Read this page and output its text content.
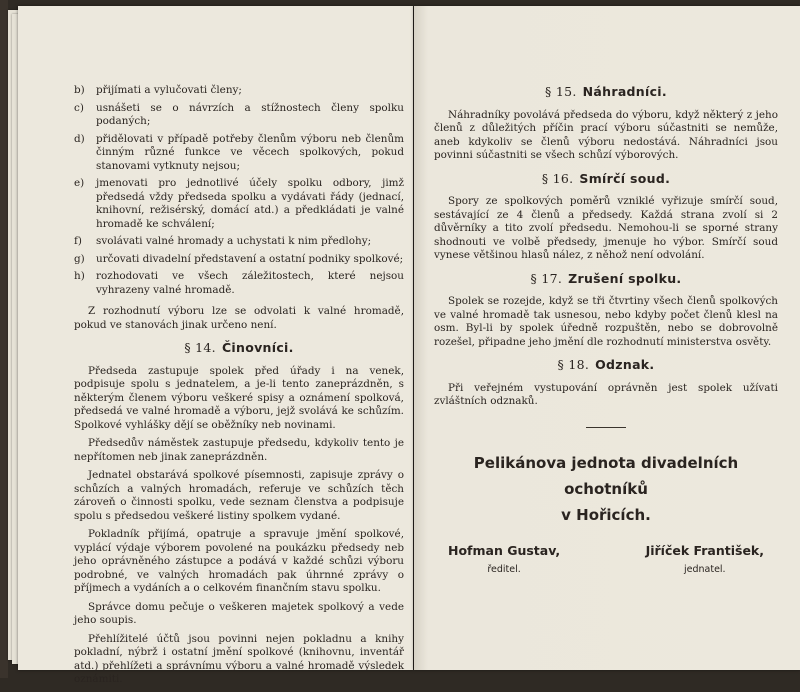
b)	přijímati a vylučovati členy;
c)	usnášeti se o návrzích a stížnostech členy spolku podaných;
d)	přidělovati v případě potřeby členům výboru neb členům činným různé funkce ve věcech spolkových, pokud stanovami vytknuty nejsou;
e)	jmenovati pro jednotlivé účely spolku odbory, jimž předsedá vždy předseda spolku a vydávati řády (jednací, knihovní, režisérský, domácí atd.) a předkládati je valné hromadě ke schválení;
f)	svolávati valné hromady a uchystati k nim předlohy;
g)	určovati divadelní představení a ostatní podniky spolkové;
h)	rozhodovati ve všech záležitostech, které nejsou vyhrazeny valné hromadě.

Z rozhodnutí výboru lze se odvolati k valné hromadě, pokud ve stanovách jinak určeno není.

§ 14. Činovníci.

Předseda zastupuje spolek před úřady i na venek, podpisuje spolu s jednatelem, a je-li tento zaneprázdněn, s některým členem výboru veškeré spisy a oznámení spolková, předsedá ve valné hromadě a výboru, jejž svolává ke schůzím. Spolkové vyhlášky dějí se oběžníky neb novinami.

Předsedův náměstek zastupuje předsedu, kdykoliv tento je nepřítomen neb jinak zaneprázdněn.

Jednatel obstarává spolkové písemnosti, zapisuje zprávy o schůzích a valných hromadách, referuje ve schůzích těch zároveň o činnosti spolku, vede seznam členstva a podpisuje spolu s předsedou veškeré listiny spolkem vydané.

Pokladník přijímá, opatruje a spravuje jmění spolkové, vyplácí výdaje výborem povolené na poukázku předsedy neb jeho oprávněného zástupce a podává v každé schůzi výboru podrobné, ve valných hromadách pak úhrnné zprávy o příjmech a vydáních a o celkovém finančním stavu spolku.

Správce domu pečuje o veškeren majetek spolkový a vede jeho soupis.

Přehlížitelé účtů jsou povinni nejen pokladnu a knihy pokladní, nýbrž i ostatní jmění spolkové (knihovnu, inventář atd.) přehlížeti a správnímu výboru a valné hromadě výsledek oznámiti.

§ 15. Náhradníci.

Náhradníky povolává předseda do výboru, když některý z jeho členů z důležitých příčin prací výboru súčastniti se nemůže, aneb kdykoliv se členů výboru nedostává. Náhradníci jsou povinni súčastniti se všech schůzí výborových.

§ 16. Smírčí soud.

Spory ze spolkových poměrů vzniklé vyřizuje smírčí soud, sestávající ze 4 členů a předsedy. Každá strana zvolí si 2 důvěrníky a tito zvolí předsedu. Nemohou-li se sporné strany shodnouti ve volbě předsedy, jmenuje ho výbor. Smírčí soud vynese většinou hlasů nález, z něhož není odvolání.

§ 17. Zrušení spolku.

Spolek se rozejde, když se tři čtvrtiny všech členů spolkových ve valné hromadě tak usnesou, nebo kdyby počet členů klesl na osm. Byl-li by spolek úředně rozpuštěn, nebo se dobrovolně rozešel, připadne jeho jmění dle rozhodnutí ministerstva osvěty.

§ 18. Odznak.

Při veřejném vystupování oprávněn jest spolek užívati zvláštních odznaků.

Pelikánova jednota divadelních ochotníků
v Hořicích.
Hofman Gustav,
ředitel.
Jiříček František,
jednatel.
